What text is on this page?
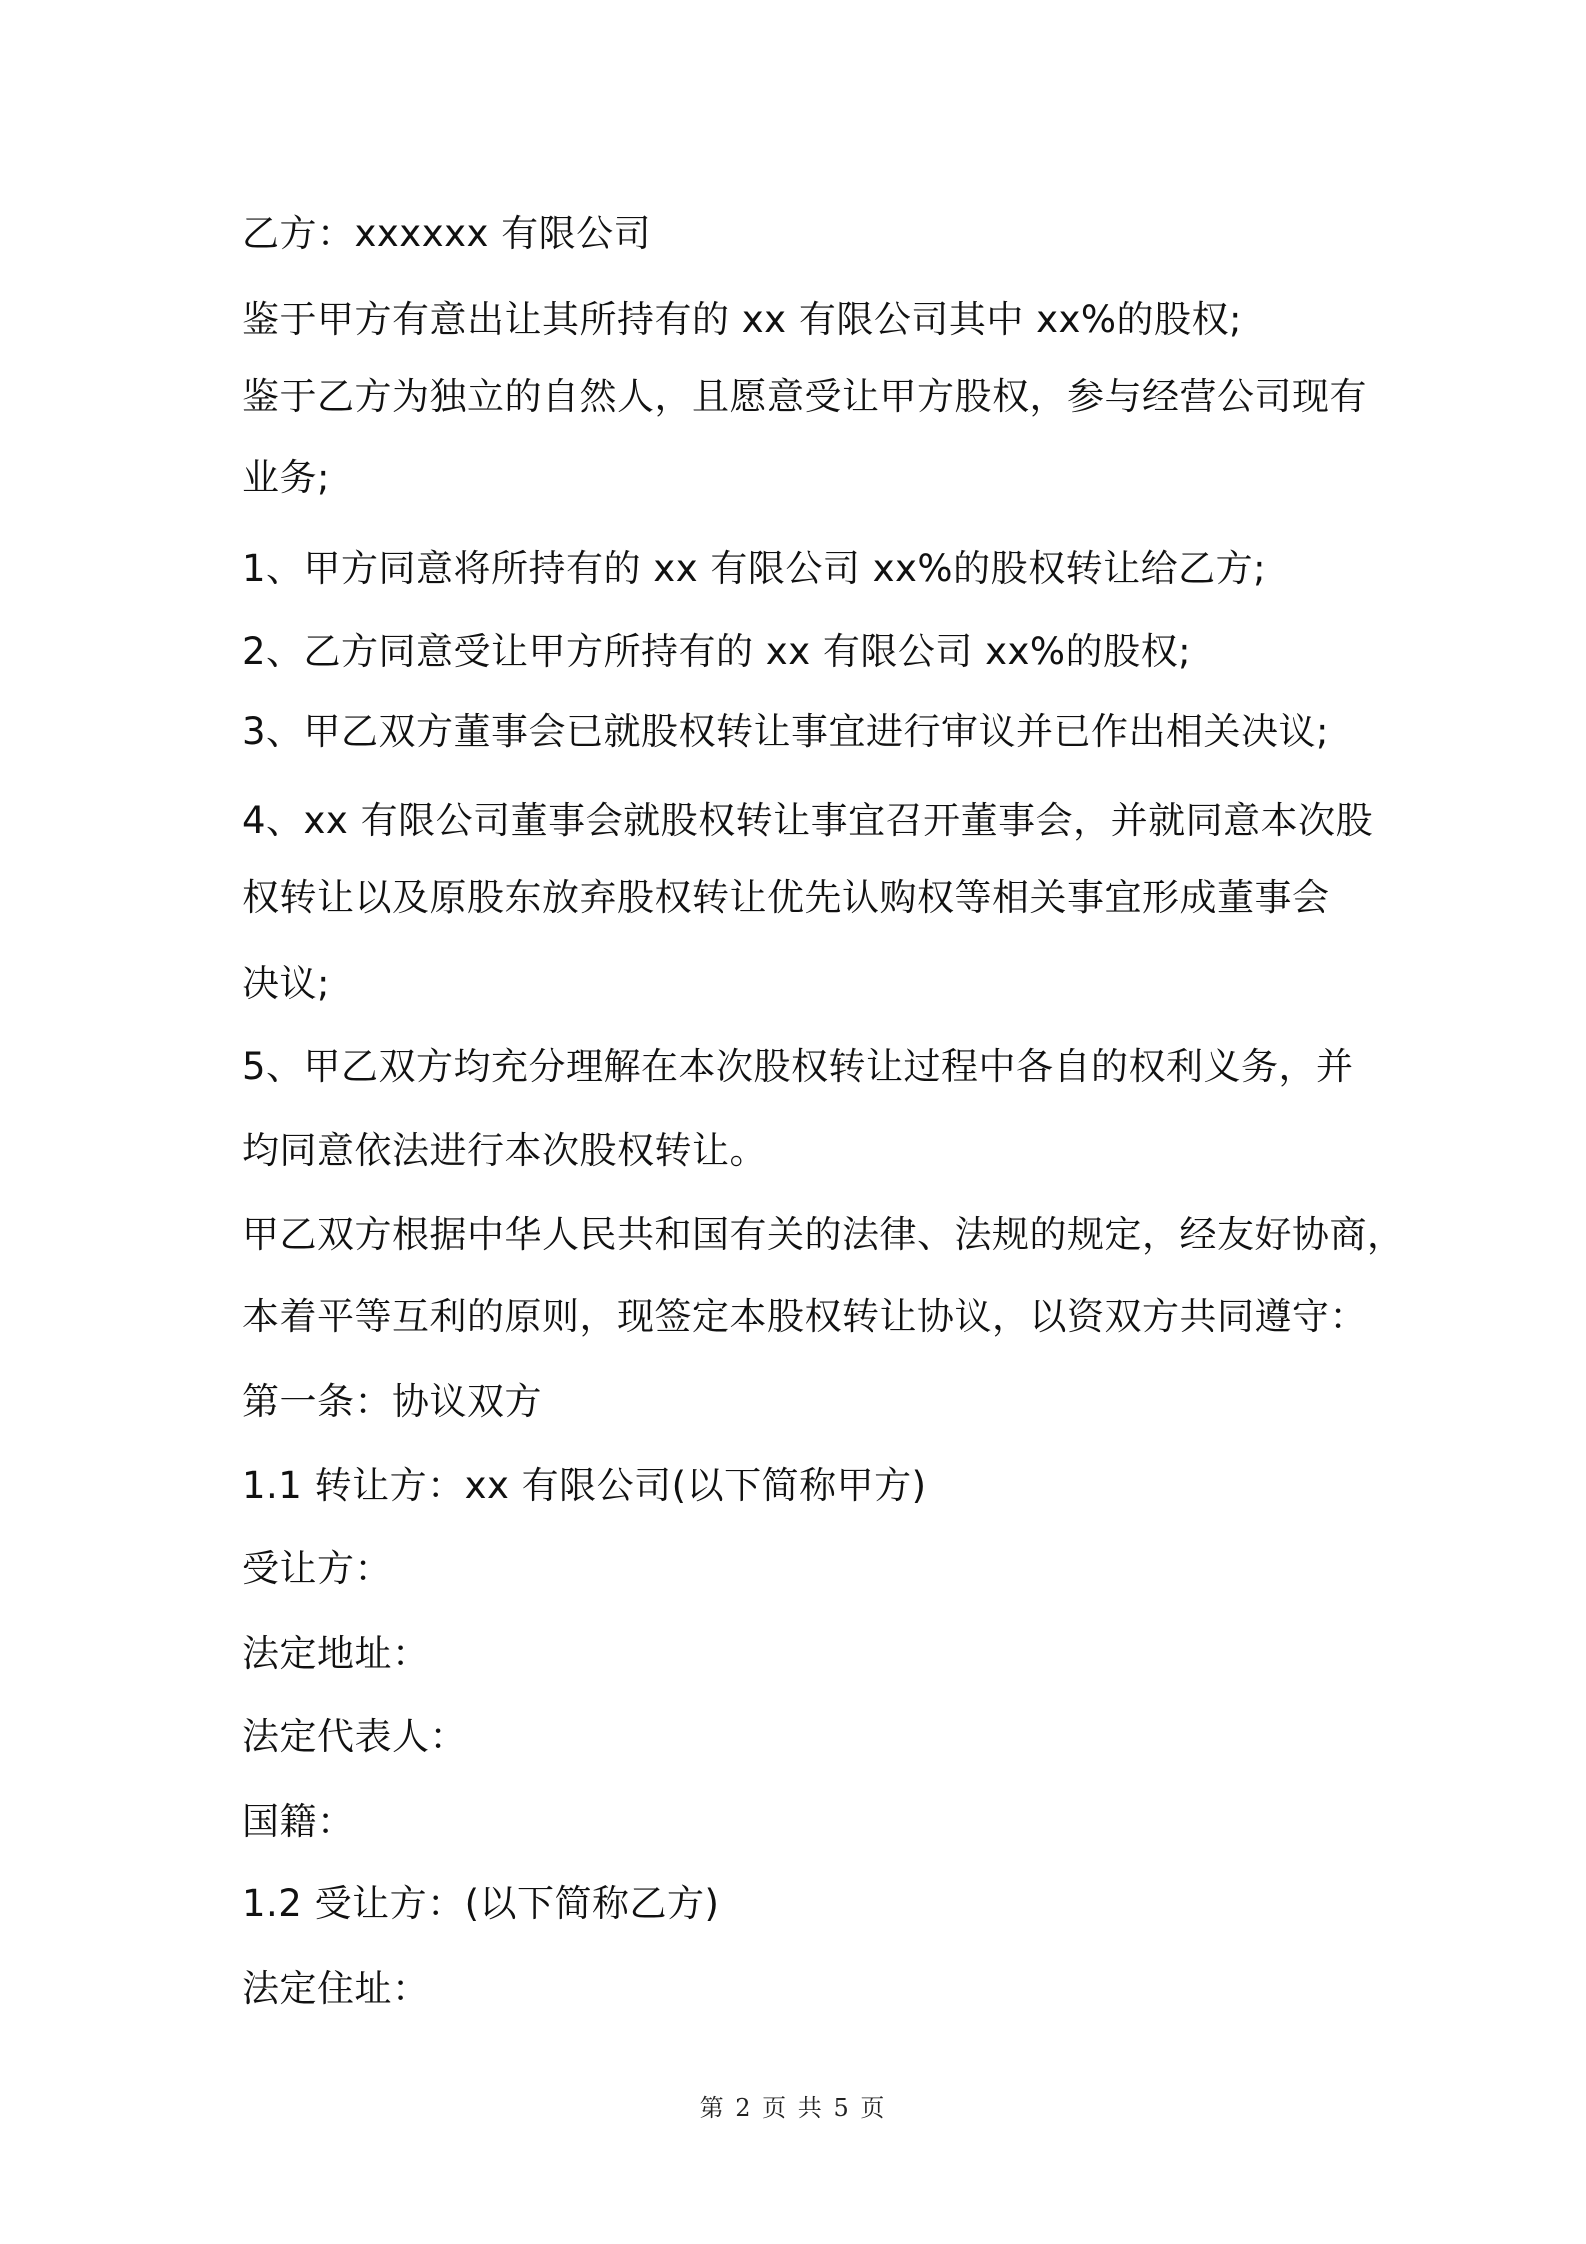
乙方：xxxxxx 有限公司
鉴于甲方有意出让其所持有的 xx 有限公司其中 xx%的股权;
鉴于乙方为独立的自然人，且愿意受让甲方股权，参与经营公司现有
业务;
1、甲方同意将所持有的 xx 有限公司 xx%的股权转让给乙方;
2、乙方同意受让甲方所持有的 xx 有限公司 xx%的股权;
3、甲乙双方董事会已就股权转让事宜进行审议并已作出相关决议;
4、xx 有限公司董事会就股权转让事宜召开董事会，并就同意本次股
权转让以及原股东放弃股权转让优先认购权等相关事宜形成董事会
决议;
5、甲乙双方均充分理解在本次股权转让过程中各自的权利义务，并
均同意依法进行本次股权转让。
甲乙双方根据中华人民共和国有关的法律、法规的规定，经友好协商，
本着平等互利的原则，现签定本股权转让协议，以资双方共同遵守：
第一条：协议双方
1.1 转让方：xx 有限公司(以下简称甲方)
受让方：
法定地址：
法定代表人：
国籍：
1.2 受让方：(以下简称乙方)
法定住址：
第 2 页 共 5 页
